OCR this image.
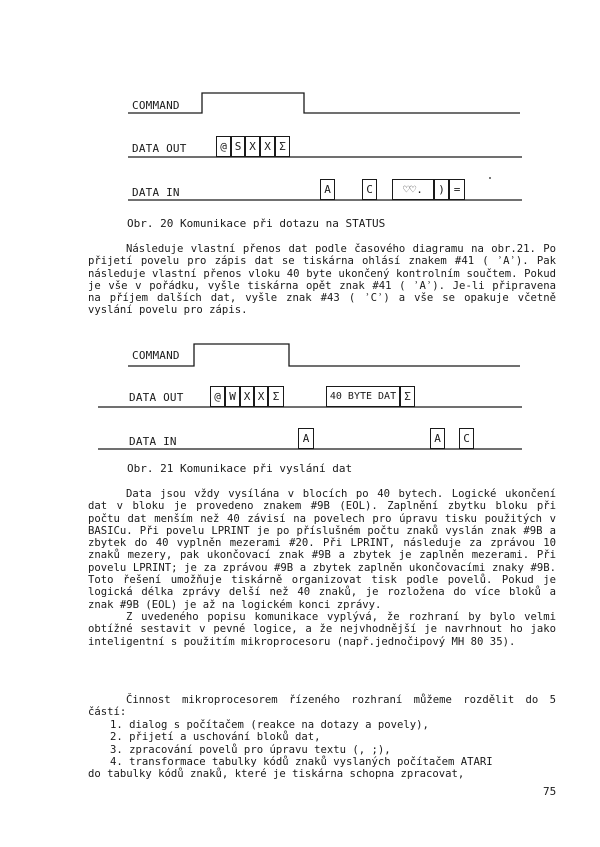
COMMAND
DATA OUT
DATA IN
@ S X X Σ
A	C	♡♡.	) =
Obr. 20 Komunikace při dotazu na STATUS

Následuje vlastní přenos dat podle časového diagramu na obr.21. Po přijetí povelu pro zápis dat se tiskárna ohlásí znakem #41 ( ʾAʾ). Pak následuje vlastní přenos vloku 40 byte ukončený kontrolním součtem. Pokud je vše v pořádku, vyšle tiskárna opět znak #41 ( ʾAʾ). Je-li připravena na příjem dalších dat, vyšle znak #43 ( ʾCʾ) a vše se opakuje včetně vyslání povelu pro zápis.

COMMAND
DATA OUT
DATA IN
@ W X X Σ	40 BYTE DAT Σ
A	A	C
Obr. 21 Komunikace při vyslání dat

Data jsou vždy vysílána v blocích po 40 bytech. Logické ukončení dat v bloku je provedeno znakem #9B (EOL). Zaplnění zbytku bloku při počtu dat menším než 40 závisí na povelech pro úpravu tisku použitých v BASICu. Při povelu LPRINT je po příslušném počtu znaků vyslán znak #9B a zbytek do 40 vyplněn mezerami #20. Při LPRINT, následuje za zprávou 10 znaků mezery, pak ukončovací znak #9B a zbytek je zaplněn mezerami. Při povelu LPRINT; je za zprávou #9B a zbytek zaplněn ukončovacími znaky #9B. Toto řešení umožňuje tiskárně organizovat tisk podle povelů. Pokud je logická délka zprávy delší než 40 znaků, je rozložena do více bloků a znak #9B (EOL) je až na logickém konci zprávy.

Z uvedeného popisu komunikace vyplývá, že rozhraní by bylo velmi obtížné sestavit v pevné logice, a že nejvhodnější je navrhnout ho jako inteligentní s použitím mikroprocesoru (např.jednočipový MH 80 35).

Činnost mikroprocesorem řízeného rozhraní můžeme rozdělit do 5 částí:

1. dialog s počítačem (reakce na dotazy a povely),
2. přijetí a uschování bloků dat,
3. zpracování povelů pro úpravu textu (, ;),
4. transformace tabulky kódů znaků vyslaných počítačem ATARI
do tabulky kódů znaků, které je tiskárna schopna zpracovat,
75
